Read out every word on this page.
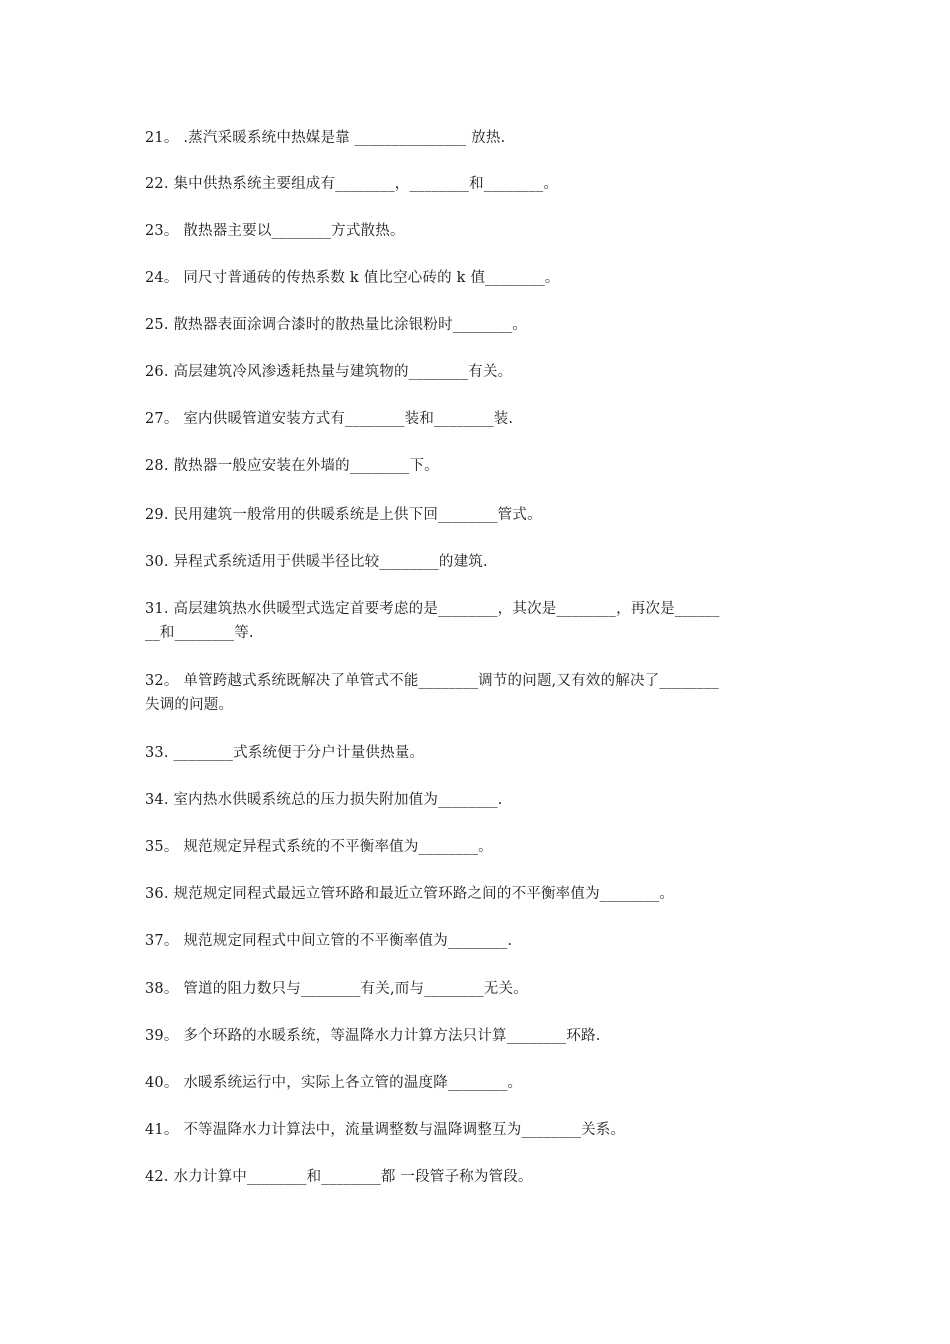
21。 .蒸汽采暖系统中热媒是靠 _______________ 放热.
22. 集中供热系统主要组成有________，________和________。
23。 散热器主要以________方式散热。
24。 同尺寸普通砖的传热系数 k 值比空心砖的 k 值________。
25. 散热器表面涂调合漆时的散热量比涂银粉时________。
26. 高层建筑冷风渗透耗热量与建筑物的________有关。
27。 室内供暖管道安装方式有________装和________装.
28. 散热器一般应安装在外墙的________下。
29. 民用建筑一般常用的供暖系统是上供下回________管式。
30. 异程式系统适用于供暖半径比较________的建筑.
31. 高层建筑热水供暖型式选定首要考虑的是________，其次是________，再次是______
__和________等.
32。 单管跨越式系统既解决了单管式不能________调节的问题,又有效的解决了________
失调的问题。
33. ________式系统便于分户计量供热量。
34. 室内热水供暖系统总的压力损失附加值为________.
35。 规范规定异程式系统的不平衡率值为________。
36. 规范规定同程式最远立管环路和最近立管环路之间的不平衡率值为________。
37。 规范规定同程式中间立管的不平衡率值为________.
38。 管道的阻力数只与________有关,而与________无关。
39。 多个环路的水暖系统，等温降水力计算方法只计算________环路.
40。 水暖系统运行中，实际上各立管的温度降________。
41。 不等温降水力计算法中，流量调整数与温降调整互为________关系。
42. 水力计算中________和________都 一段管子称为管段。
